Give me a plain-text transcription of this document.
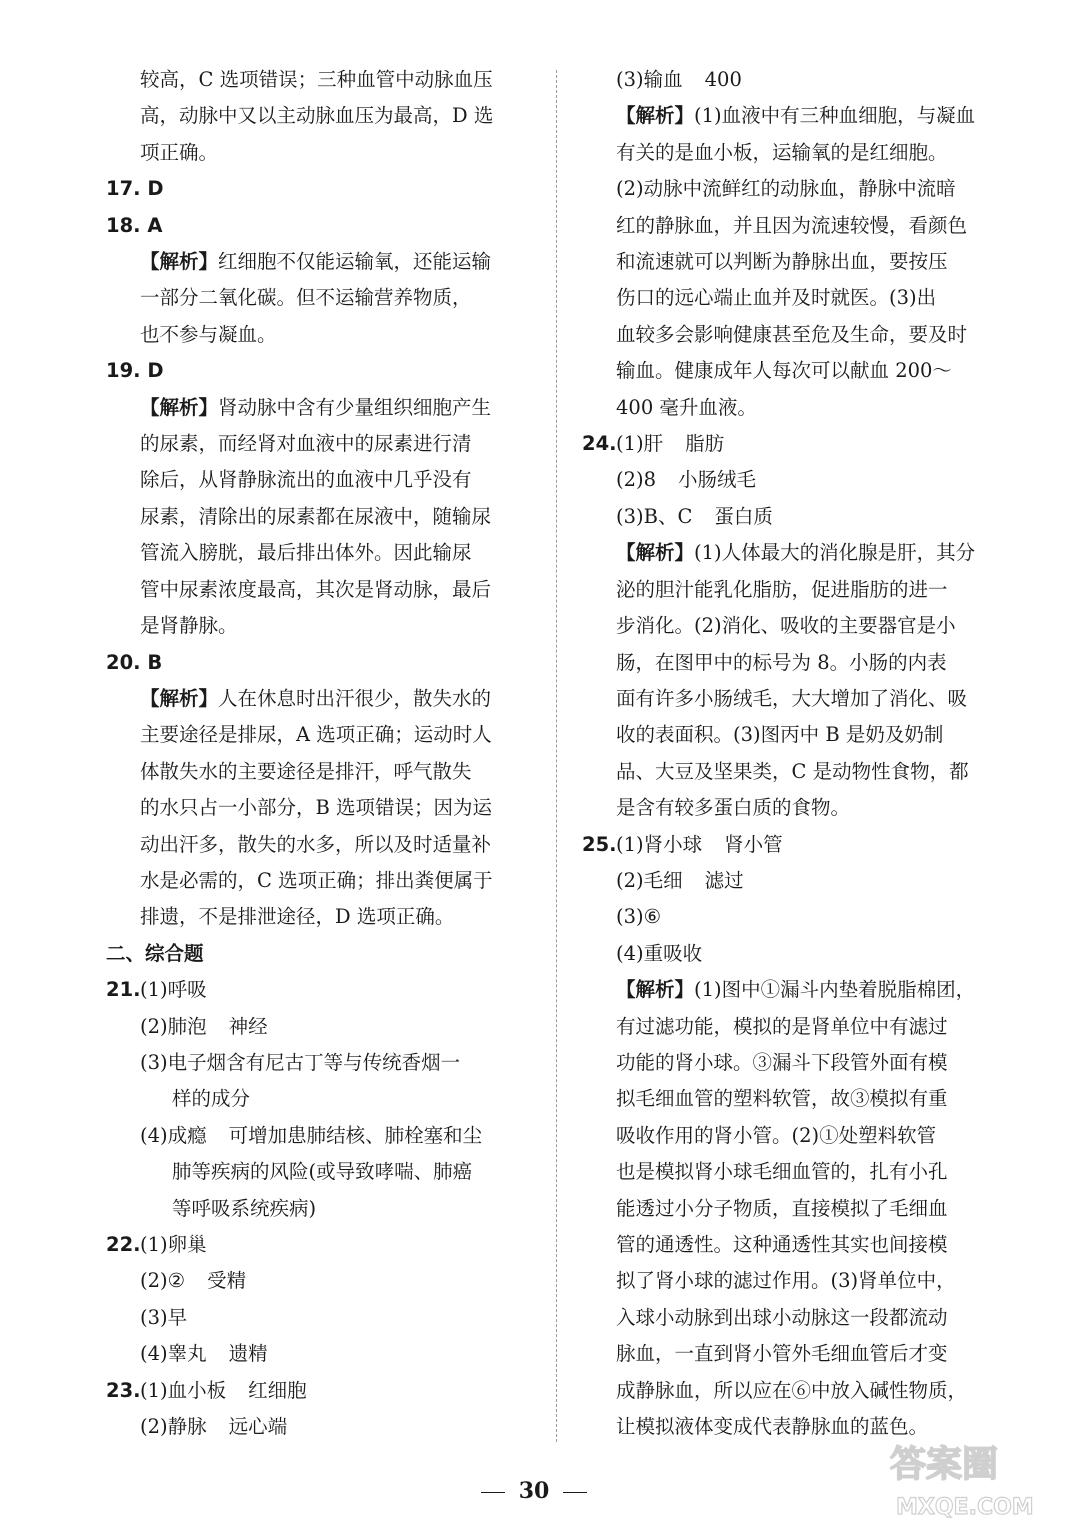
较高，C 选项错误；三种血管中动脉血压
高，动脉中又以主动脉血压为最高，D 选
项正确。
17. D
18. A
【解析】红细胞不仅能运输氧，还能运输
一部分二氧化碳。但不运输营养物质，
也不参与凝血。
19. D
【解析】肾动脉中含有少量组织细胞产生
的尿素，而经肾对血液中的尿素进行清
除后，从肾静脉流出的血液中几乎没有
尿素，清除出的尿素都在尿液中，随输尿
管流入膀胱，最后排出体外。因此输尿
管中尿素浓度最高，其次是肾动脉，最后
是肾静脉。
20. B
【解析】人在休息时出汗很少，散失水的
主要途径是排尿，A 选项正确；运动时人
体散失水的主要途径是排汗，呼气散失
的水只占一小部分，B 选项错误；因为运
动出汗多，散失的水多，所以及时适量补
水是必需的，C 选项正确；排出粪便属于
排遗，不是排泄途径，D 选项正确。
二、综合题
21.(1)呼吸
(2)肺泡 神经
(3)电子烟含有尼古丁等与传统香烟一
样的成分
(4)成瘾 可增加患肺结核、肺栓塞和尘
肺等疾病的风险(或导致哮喘、肺癌
等呼吸系统疾病)
22.(1)卵巢
(2)② 受精
(3)早
(4)睾丸 遗精
23.(1)血小板 红细胞
(2)静脉 远心端
(3)输血 400
【解析】(1)血液中有三种血细胞，与凝血
有关的是血小板，运输氧的是红细胞。
(2)动脉中流鲜红的动脉血，静脉中流暗
红的静脉血，并且因为流速较慢，看颜色
和流速就可以判断为静脉出血，要按压
伤口的远心端止血并及时就医。(3)出
血较多会影响健康甚至危及生命，要及时
输血。健康成年人每次可以献血 200～
400 毫升血液。
24.(1)肝 脂肪
(2)8 小肠绒毛
(3)B、C 蛋白质
【解析】(1)人体最大的消化腺是肝，其分
泌的胆汁能乳化脂肪，促进脂肪的进一
步消化。(2)消化、吸收的主要器官是小
肠，在图甲中的标号为 8。小肠的内表
面有许多小肠绒毛，大大增加了消化、吸
收的表面积。(3)图丙中 B 是奶及奶制
品、大豆及坚果类，C 是动物性食物，都
是含有较多蛋白质的食物。
25.(1)肾小球 肾小管
(2)毛细 滤过
(3)⑥
(4)重吸收
【解析】(1)图中①漏斗内垫着脱脂棉团，
有过滤功能，模拟的是肾单位中有滤过
功能的肾小球。③漏斗下段管外面有模
拟毛细血管的塑料软管，故③模拟有重
吸收作用的肾小管。(2)①处塑料软管
也是模拟肾小球毛细血管的，扎有小孔
能透过小分子物质，直接模拟了毛细血
管的通透性。这种通透性其实也间接模
拟了肾小球的滤过作用。(3)肾单位中，
入球小动脉到出球小动脉这一段都流动
脉血，一直到肾小管外毛细血管后才变
成静脉血，所以应在⑥中放入碱性物质，
让模拟液体变成代表静脉血的蓝色。
30
答案圈
MXQE.COM
